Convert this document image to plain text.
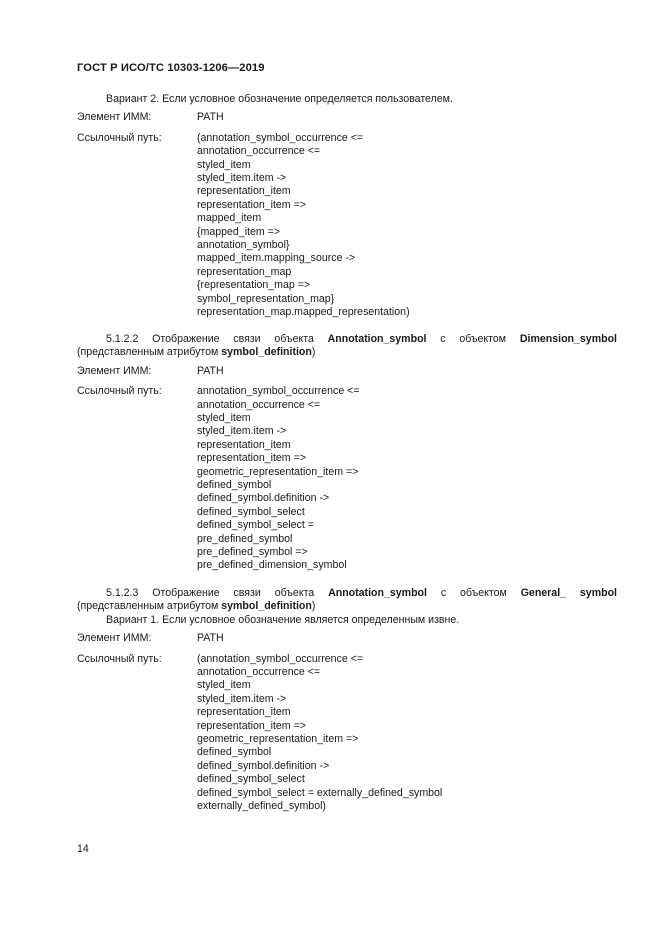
ГОСТ Р ИСО/ТС 10303-1206—2019

Вариант 2. Если условное обозначение определяется пользователем.

Элемент ИММ:	PATH
Ссылочный путь:	(annotation_symbol_occurrence <=
annotation_occurrence <=
styled_item
styled_item.item ->
representation_item
representation_item =>
mapped_item
{mapped_item =>
annotation_symbol}
mapped_item.mapping_source ->
representation_map
{representation_map =>
symbol_representation_map}
representation_map.mapped_representation)

5.1.2.2 Отображение связи объекта Annotation_symbol с объектом Dimension_symbol (представленным атрибутом symbol_definition)

Элемент ИММ:	PATH
Ссылочный путь:	annotation_symbol_occurrence <=
annotation_occurrence <=
styled_item
styled_item.item ->
representation_item
representation_item =>
geometric_representation_item =>
defined_symbol
defined_symbol.definition ->
defined_symbol_select
defined_symbol_select =
pre_defined_symbol
pre_defined_symbol =>
pre_defined_dimension_symbol

5.1.2.3 Отображение связи объекта Annotation_symbol с объектом General_ symbol (представленным атрибутом symbol_definition)

Вариант 1. Если условное обозначение является определенным извне.

Элемент ИММ:	PATH
Ссылочный путь:	(annotation_symbol_occurrence <=
annotation_occurrence <=
styled_item
styled_item.item ->
representation_item
representation_item =>
geometric_representation_item =>
defined_symbol
defined_symbol.definition ->
defined_symbol_select
defined_symbol_select = externally_defined_symbol
externally_defined_symbol)
14
